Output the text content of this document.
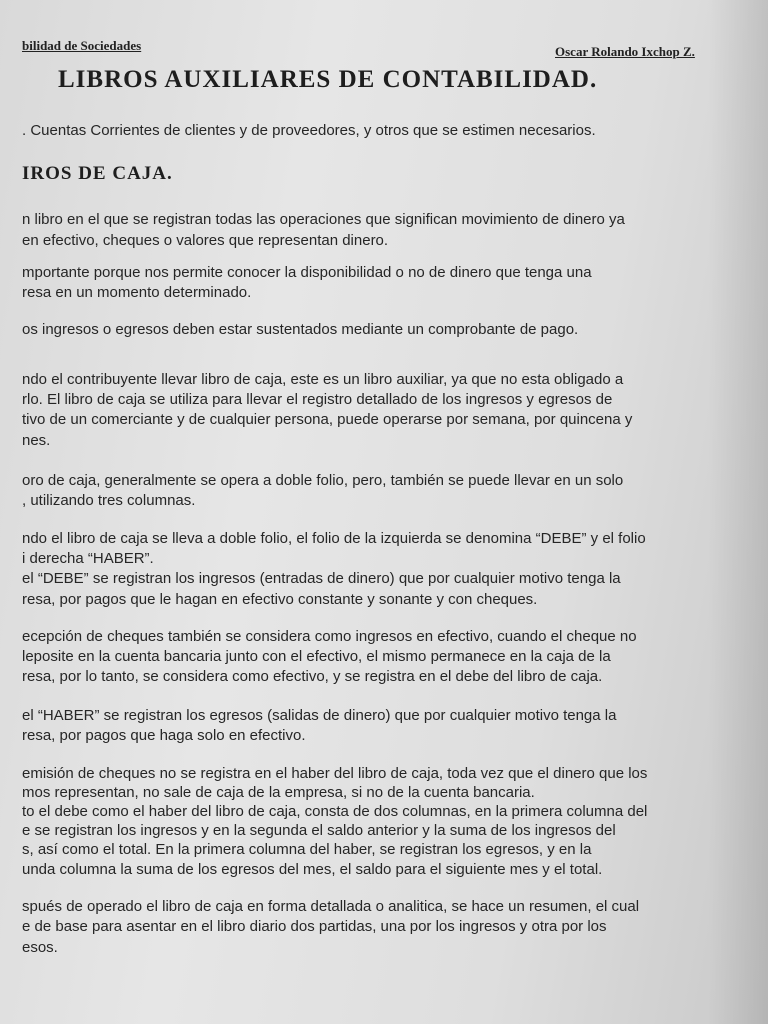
bilidad de Sociedades	Oscar Rolando Ixchop Z.
LIBROS AUXILIARES DE CONTABILIDAD.
. Cuentas Corrientes de clientes y de proveedores, y otros que se estimen necesarios.
IROS DE CAJA.
n libro en el que se registran todas las operaciones que significan movimiento de dinero ya
en efectivo, cheques o valores que representan dinero.
mportante porque nos permite conocer la disponibilidad o no de dinero que tenga una
resa en un momento determinado.
os ingresos o egresos deben estar sustentados mediante un comprobante de pago.
ndo el contribuyente llevar libro de caja, este es un libro auxiliar, ya que no esta obligado a
rlo. El libro de caja se utiliza para llevar el registro detallado de los ingresos y egresos de
tivo de un comerciante y de cualquier persona, puede operarse por semana, por quincena y
nes.
oro de caja, generalmente se opera a doble folio, pero, también se puede llevar en un solo
, utilizando tres columnas.
ndo el libro de caja se lleva a doble folio, el folio de la izquierda se denomina “DEBE” y el folio
i derecha “HABER”.
el “DEBE” se registran los ingresos (entradas de dinero) que por cualquier motivo tenga la
resa, por pagos que le hagan en efectivo constante y sonante y con cheques.
ecepción de cheques también se considera como ingresos en efectivo, cuando el cheque no
leposite en la cuenta bancaria junto con el efectivo, el mismo permanece en la caja de la
resa, por lo tanto, se considera como efectivo, y se registra en el debe del libro de caja.
el “HABER” se registran los egresos (salidas de dinero) que por cualquier motivo tenga la
resa, por pagos que haga solo en efectivo.
emisión de cheques no se registra en el haber del libro de caja, toda vez que el dinero que los
mos representan, no sale de caja de la empresa, si no de la cuenta bancaria.
to el debe como el haber del libro de caja, consta de dos columnas, en la primera columna del
e se registran los ingresos y en la segunda el saldo anterior y la suma de los ingresos del
s, así como el total. En la primera columna del haber, se registran los egresos, y en la
unda columna la suma de los egresos del mes, el saldo para el siguiente mes y el total.
spués de operado el libro de caja en forma detallada o analitica, se hace un resumen, el cual
e de base para asentar en el libro diario dos partidas, una por los ingresos y otra por los
esos.
